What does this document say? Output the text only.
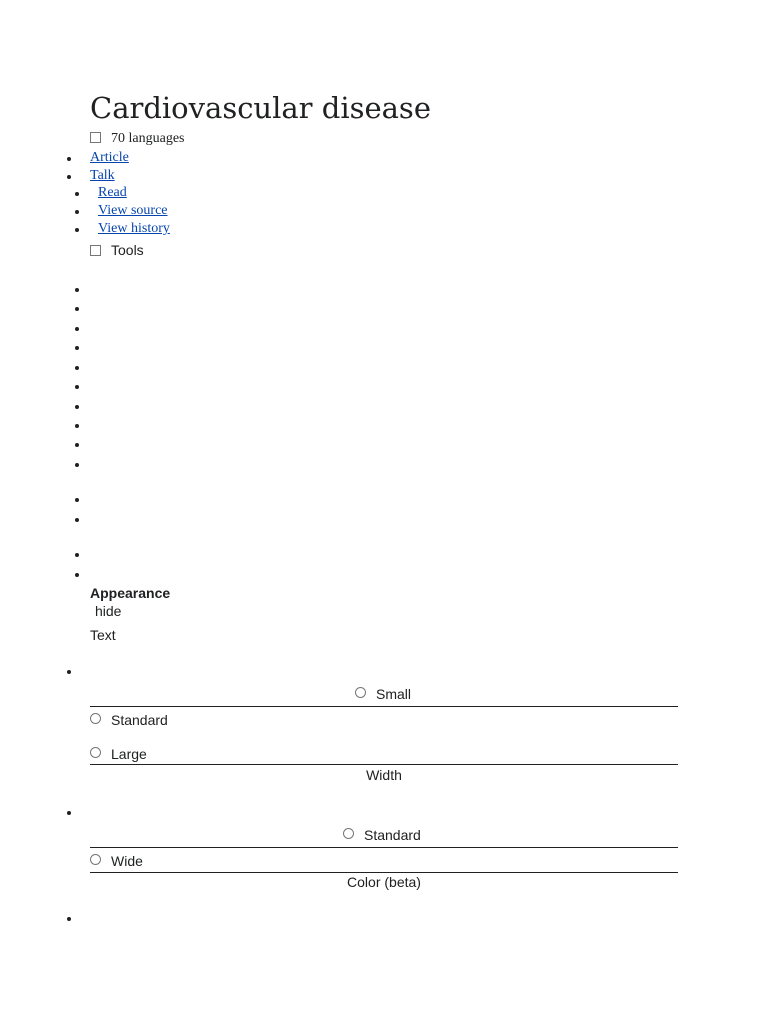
Cardiovascular disease
70 languages
Article
Talk
Read
View source
View history
Tools
Appearance
hide
Text
Small
Standard
Large
Width
Standard
Wide
Color (beta)
